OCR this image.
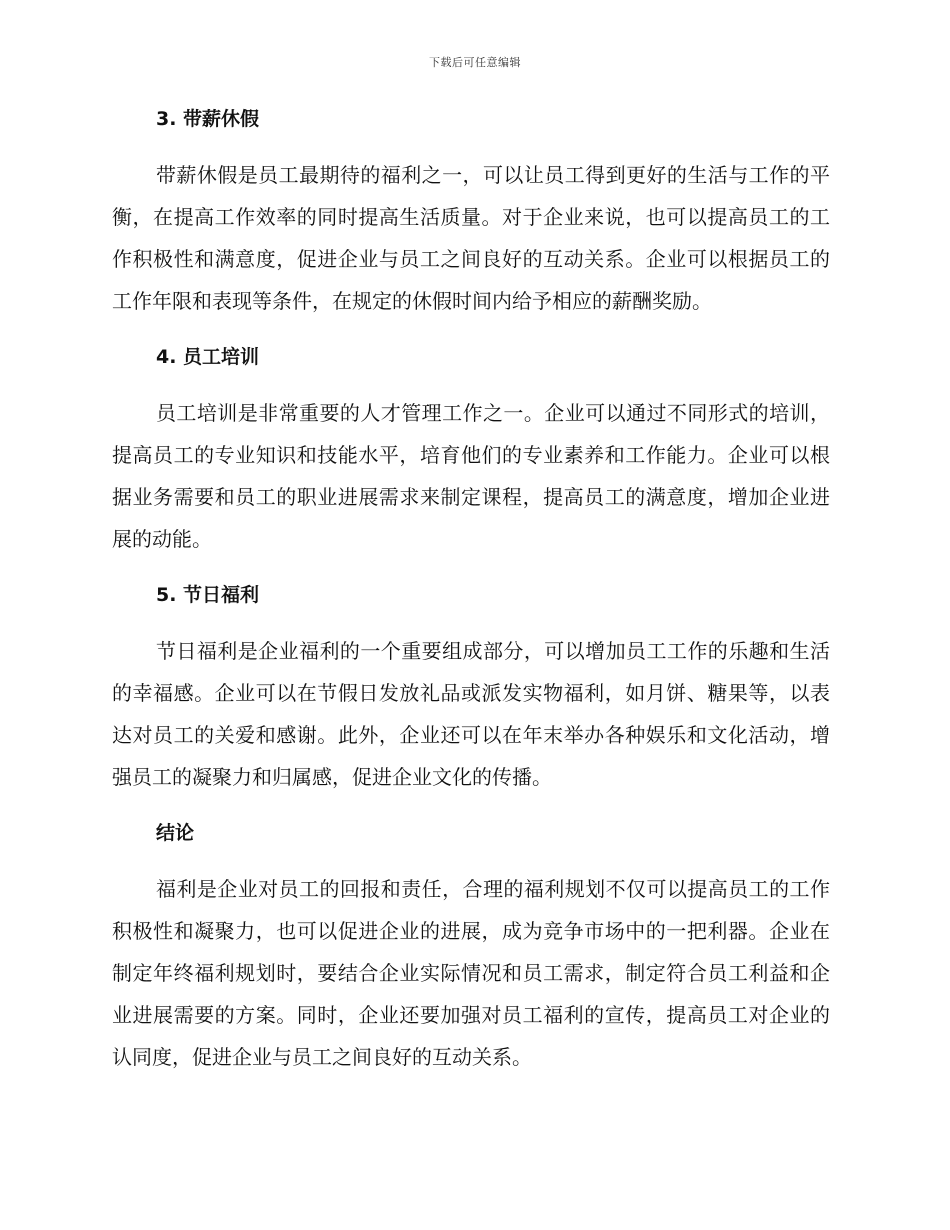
下载后可任意编辑
3. 带薪休假

带薪休假是员工最期待的福利之一，可以让员工得到更好的生活与工作的平衡，在提高工作效率的同时提高生活质量。对于企业来说，也可以提高员工的工作积极性和满意度，促进企业与员工之间良好的互动关系。企业可以根据员工的工作年限和表现等条件，在规定的休假时间内给予相应的薪酬奖励。

4. 员工培训

员工培训是非常重要的人才管理工作之一。企业可以通过不同形式的培训，提高员工的专业知识和技能水平，培育他们的专业素养和工作能力。企业可以根据业务需要和员工的职业进展需求来制定课程，提高员工的满意度，增加企业进展的动能。

5. 节日福利

节日福利是企业福利的一个重要组成部分，可以增加员工工作的乐趣和生活的幸福感。企业可以在节假日发放礼品或派发实物福利，如月饼、糖果等，以表达对员工的关爱和感谢。此外，企业还可以在年末举办各种娱乐和文化活动，增强员工的凝聚力和归属感，促进企业文化的传播。

结论

福利是企业对员工的回报和责任，合理的福利规划不仅可以提高员工的工作积极性和凝聚力，也可以促进企业的进展，成为竞争市场中的一把利器。企业在制定年终福利规划时，要结合企业实际情况和员工需求，制定符合员工利益和企业进展需要的方案。同时，企业还要加强对员工福利的宣传，提高员工对企业的认同度，促进企业与员工之间良好的互动关系。
